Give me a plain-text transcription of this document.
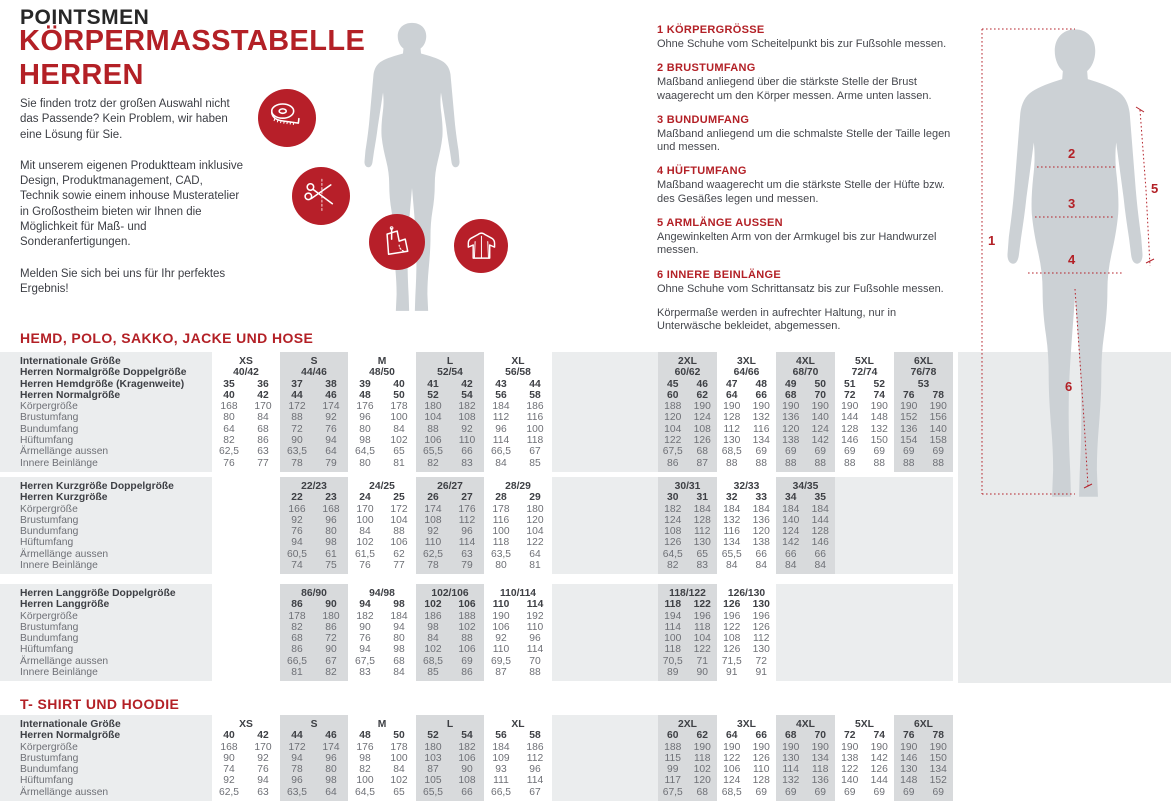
POINTSMEN
KÖRPERMASSTABELLE
HERREN

Sie finden trotz der großen Auswahl nicht das Passende? Kein Problem, wir haben eine Lösung für Sie.

Mit unserem eigenen Produktteam inklusive Design, Produktmanagement, CAD, Technik sowie einem inhouse Musteratelier in Großostheim bieten wir Ihnen die Möglichkeit für Maß- und Sonderanfertigungen.

Melden Sie sich bei uns für Ihr perfektes Ergebnis!

1 KÖRPERGRÖSSE
Ohne Schuhe vom Scheitelpunkt bis zur Fußsohle messen.
2 BRUSTUMFANG
Maßband anliegend über die stärkste Stelle der Brust waagerecht um den Körper messen. Arme unten lassen.
3 BUNDUMFANG
Maßband anliegend um die schmalste Stelle der Taille legen und messen.
4 HÜFTUMFANG
Maßband waagerecht um die stärkste Stelle der Hüfte bzw. des Gesäßes legen und messen.
5 ARMLÄNGE AUSSEN
Angewinkelten Arm von der Armkugel bis zur Handwurzel messen.
6 INNERE BEINLÄNGE
Ohne Schuhe vom Schrittansatz bis zur Fußsohle messen.
Körpermaße werden in aufrechter Haltung, nur in Unterwäsche bekleidet, abgemessen.
1
2
3
4
5
6
HEMD, POLO, SAKKO, JACKE UND HOSE
Internationale Größe	XS	S	M	L	XL	2XL	3XL	4XL	5XL	6XL
Herren Normalgröße Doppelgröße	40/42	44/46	48/50	52/54	56/58	60/62	64/66	68/70	72/74	76/78
Herren Hemdgröße (Kragenweite)	35	36	37	38	39	40	41	42	43	44	45	46	47	48	49	50	51	52	53
Herren Normalgröße	40	42	44	46	48	50	52	54	56	58	60	62	64	66	68	70	72	74	76	78
Körpergröße	168	170	172	174	176	178	180	182	184	186	188	190	190	190	190	190	190	190	190	190
Brustumfang	80	84	88	92	96	100	104	108	112	116	120	124	128	132	136	140	144	148	152	156
Bundumfang	64	68	72	76	80	84	88	92	96	100	104	108	112	116	120	124	128	132	136	140
Hüftumfang	82	86	90	94	98	102	106	110	114	118	122	126	130	134	138	142	146	150	154	158
Ärmellänge aussen	62,5	63	63,5	64	64,5	65	65,5	66	66,5	67	67,5	68	68,5	69	69	69	69	69	69	69
Innere Beinlänge	76	77	78	79	80	81	82	83	84	85	86	87	88	88	88	88	88	88	88	88
Herren Kurzgröße Doppelgröße	22/23	24/25	26/27	28/29	30/31	32/33	34/35
Herren Kurzgröße	22	23	24	25	26	27	28	29	30	31	32	33	34	35
Körpergröße	166	168	170	172	174	176	178	180	182	184	184	184	184	184
Brustumfang	92	96	100	104	108	112	116	120	124	128	132	136	140	144
Bundumfang	76	80	84	88	92	96	100	104	108	112	116	120	124	128
Hüftumfang	94	98	102	106	110	114	118	122	126	130	134	138	142	146
Ärmellänge aussen	60,5	61	61,5	62	62,5	63	63,5	64	64,5	65	65,5	66	66	66
Innere Beinlänge	74	75	76	77	78	79	80	81	82	83	84	84	84	84
Herren Langgröße Doppelgröße	86/90	94/98	102/106	110/114	118/122	126/130
Herren Langgröße	86	90	94	98	102	106	110	114	118	122	126	130
Körpergröße	178	180	182	184	186	188	190	192	194	196	196	196
Brustumfang	82	86	90	94	98	102	106	110	114	118	122	126
Bundumfang	68	72	76	80	84	88	92	96	100	104	108	112
Hüftumfang	86	90	94	98	102	106	110	114	118	122	126	130
Ärmellänge aussen	66,5	67	67,5	68	68,5	69	69,5	70	70,5	71	71,5	72
Innere Beinlänge	81	82	83	84	85	86	87	88	89	90	91	91
T- SHIRT UND HOODIE
Internationale Größe	XS	S	M	L	XL	2XL	3XL	4XL	5XL	6XL
Herren Normalgröße	40	42	44	46	48	50	52	54	56	58	60	62	64	66	68	70	72	74	76	78
Körpergröße	168	170	172	174	176	178	180	182	184	186	188	190	190	190	190	190	190	190	190	190
Brustumfang	90	92	94	96	98	100	103	106	109	112	115	118	122	126	130	134	138	142	146	150
Bundumfang	74	76	78	80	82	84	87	90	93	96	99	102	106	110	114	118	122	126	130	134
Hüftumfang	92	94	96	98	100	102	105	108	111	114	117	120	124	128	132	136	140	144	148	152
Ärmellänge aussen	62,5	63	63,5	64	64,5	65	65,5	66	66,5	67	67,5	68	68,5	69	69	69	69	69	69	69
